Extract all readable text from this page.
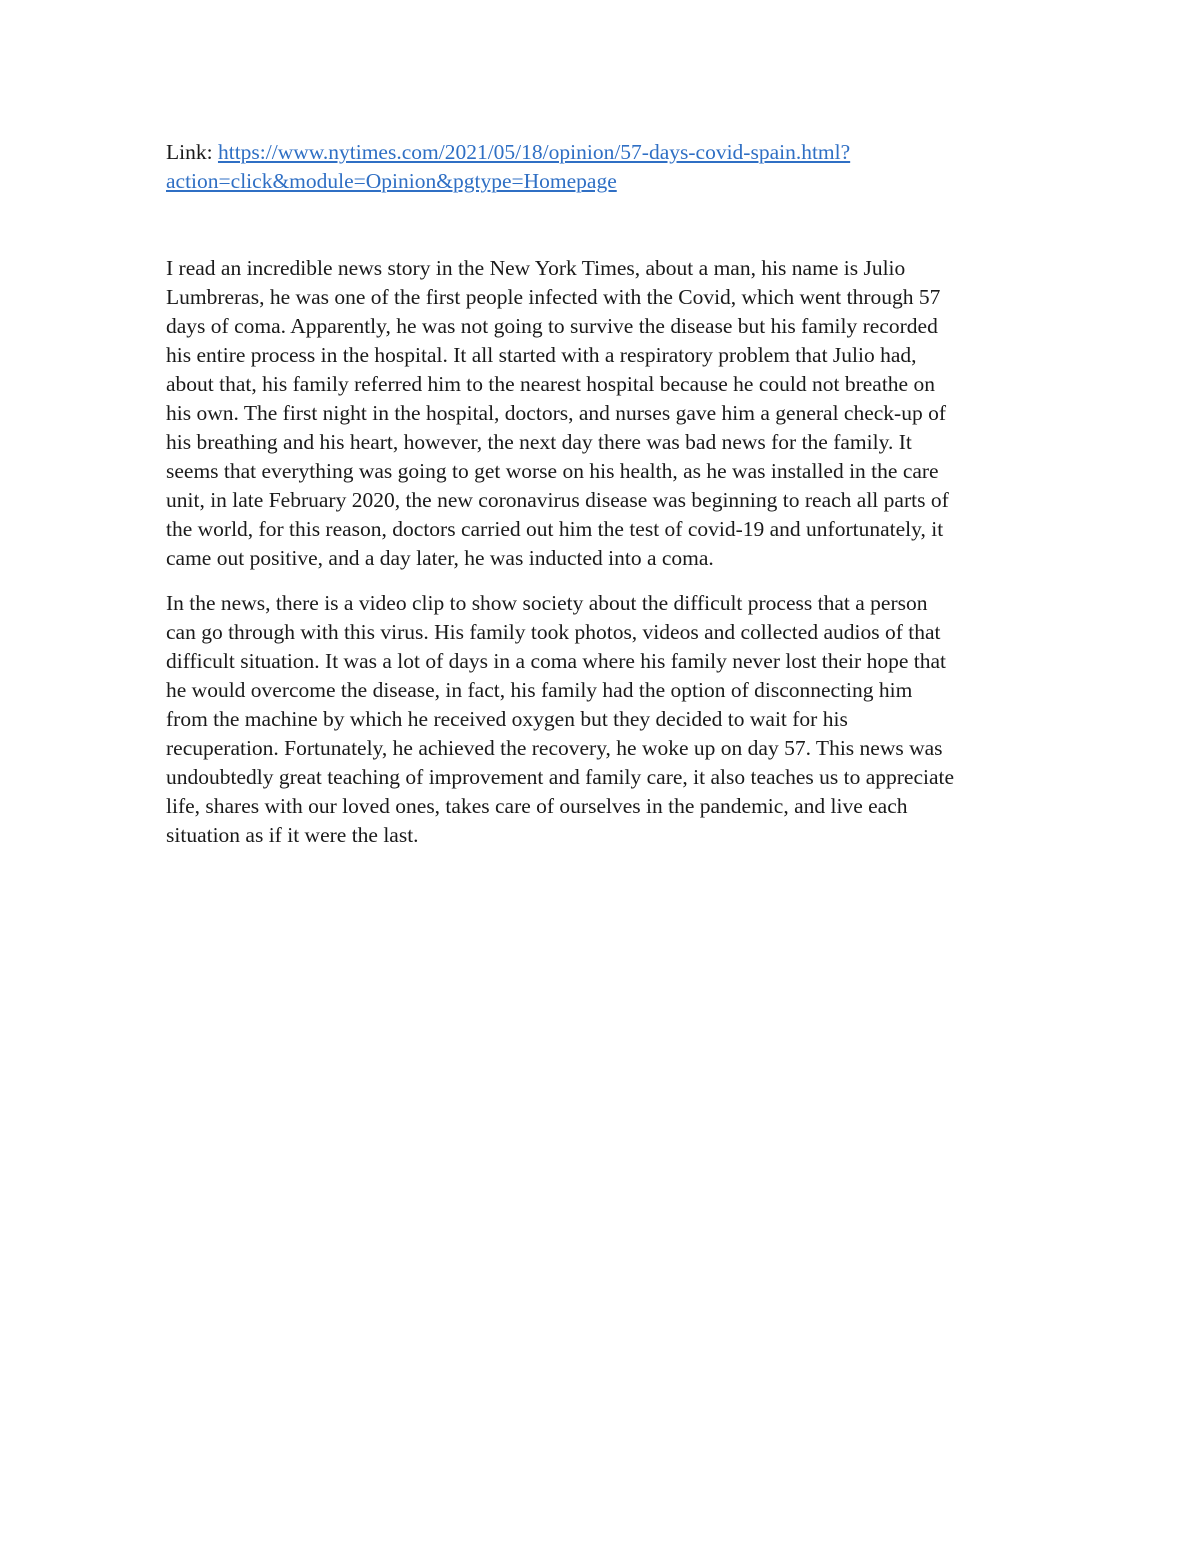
Link: https://www.nytimes.com/2021/05/18/opinion/57-days-covid-spain.html?
action=click&module=Opinion&pgtype=Homepage
I read an incredible news story in the New York Times, about a man, his name is Julio
Lumbreras, he was one of the first people infected with the Covid, which went through 57
days of coma. Apparently, he was not going to survive the disease but his family recorded
his entire process in the hospital. It all started with a respiratory problem that Julio had,
about that, his family referred him to the nearest hospital because he could not breathe on
his own. The first night in the hospital, doctors, and nurses gave him a general check-up of
his breathing and his heart, however, the next day there was bad news for the family. It
seems that everything was going to get worse on his health, as he was installed in the care
unit, in late February 2020, the new coronavirus disease was beginning to reach all parts of
the world, for this reason, doctors carried out him the test of covid-19 and unfortunately, it
came out positive, and a day later, he was inducted into a coma.
In the news, there is a video clip to show society about the difficult process that a person
can go through with this virus. His family took photos, videos and collected audios of that
difficult situation. It was a lot of days in a coma where his family never lost their hope that
he would overcome the disease, in fact, his family had the option of disconnecting him
from the machine by which he received oxygen but they decided to wait for his
recuperation. Fortunately, he achieved the recovery, he woke up on day 57. This news was
undoubtedly great teaching of improvement and family care, it also teaches us to appreciate
life, shares with our loved ones, takes care of ourselves in the pandemic, and live each
situation as if it were the last.
